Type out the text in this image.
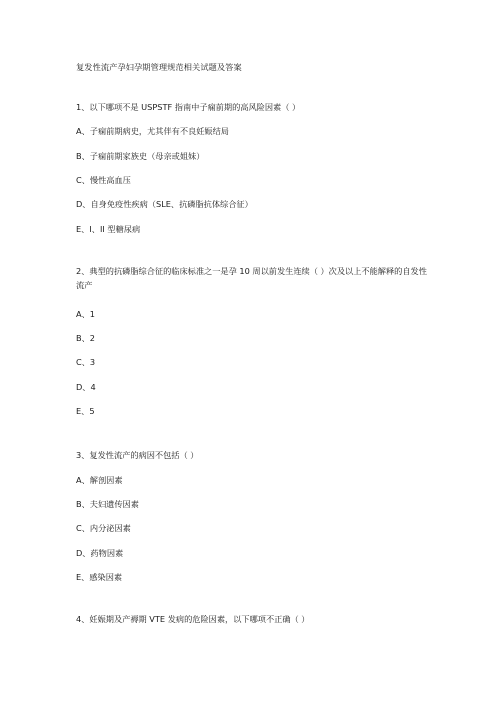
复发性流产孕妇孕期管理规范相关试题及答案
1、以下哪项不是 USPSTF 指南中子痫前期的高风险因素（ ）
A、子痫前期病史，尤其伴有不良妊娠结局
B、子痫前期家族史（母亲或姐妹）
C、慢性高血压
D、自身免疫性疾病（SLE、抗磷脂抗体综合征）
E、I、II 型糖尿病
2、典型的抗磷脂综合征的临床标准之一是孕 10 周以前发生连续（ ）次及以上不能解释的自发性流产
A、1
B、2
C、3
D、4
E、5
3、复发性流产的病因不包括（ ）
A、解剖因素
B、夫妇遗传因素
C、内分泌因素
D、药物因素
E、感染因素
4、妊娠期及产褥期 VTE 发病的危险因素，以下哪项不正确（ ）
